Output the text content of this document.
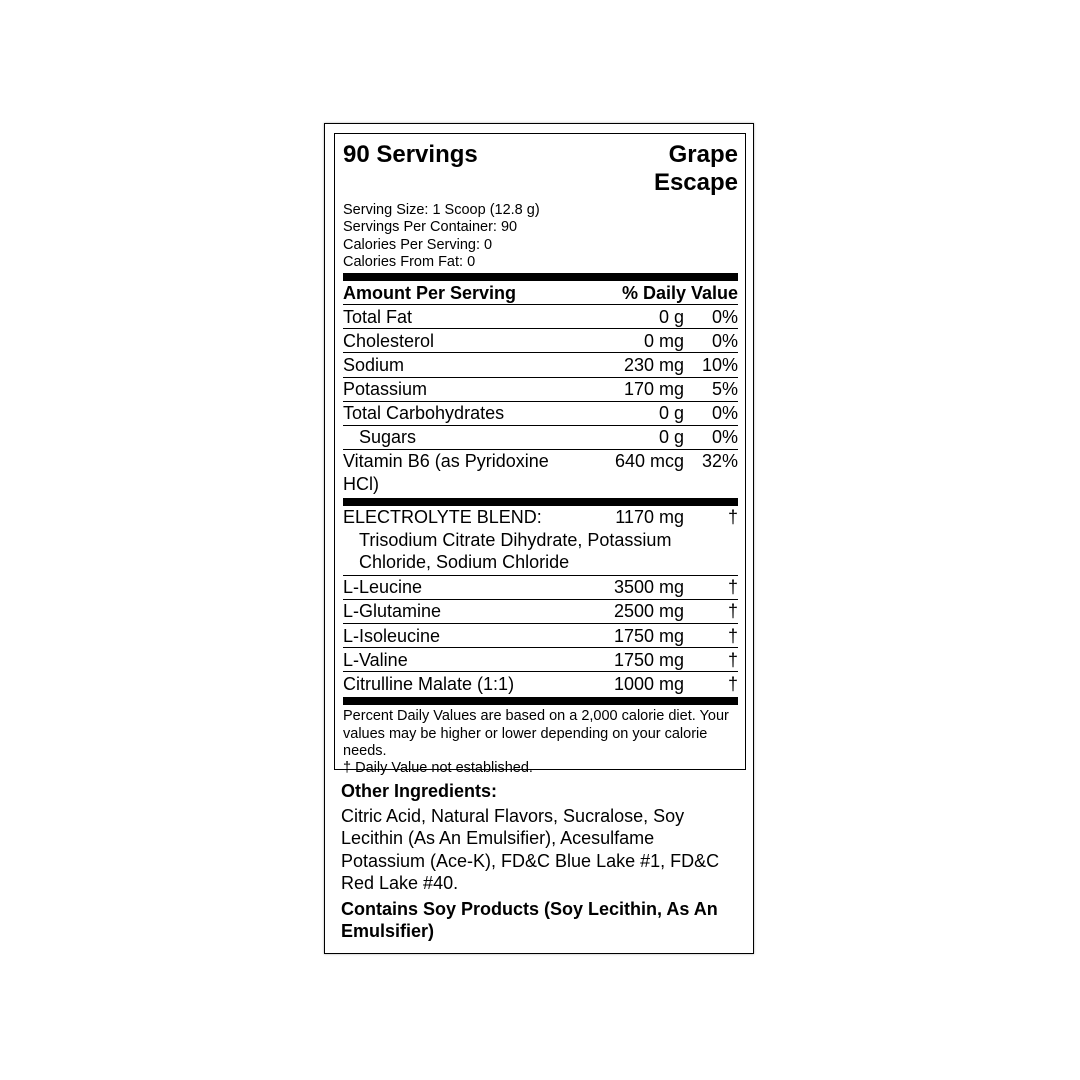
90 Servings	Grape
Escape
Serving Size: 1 Scoop (12.8 g)
Servings Per Container: 90
Calories Per Serving: 0
Calories From Fat: 0
Amount Per Serving	% Daily Value
Total Fat	0 g	0%
Cholesterol	0 mg	0%
Sodium	230 mg 10%
Potassium	170 mg	5%
Total Carbohydrates	0 g	0%
Sugars	0 g	0%
Vitamin B6 (as Pyridoxine HCl)
640 mcg 32%
ELECTROLYTE BLEND:	1170 mg	†
Trisodium Citrate Dihydrate, Potassium Chloride, Sodium Chloride
L-Leucine	3500 mg	†
L-Glutamine	2500 mg	†
L-Isoleucine	1750 mg	†
L-Valine	1750 mg	†
Citrulline Malate (1:1)	1000 mg	†
Percent Daily Values are based on a 2,000 calorie diet. Your values may be higher or lower depending on your calorie needs.
† Daily Value not established.
Other Ingredients:
Citric Acid, Natural Flavors, Sucralose, Soy Lecithin (As An Emulsifier), Acesulfame Potassium (Ace-K), FD&C Blue Lake #1, FD&C Red Lake #40.
Contains Soy Products (Soy Lecithin, As An Emulsifier)
